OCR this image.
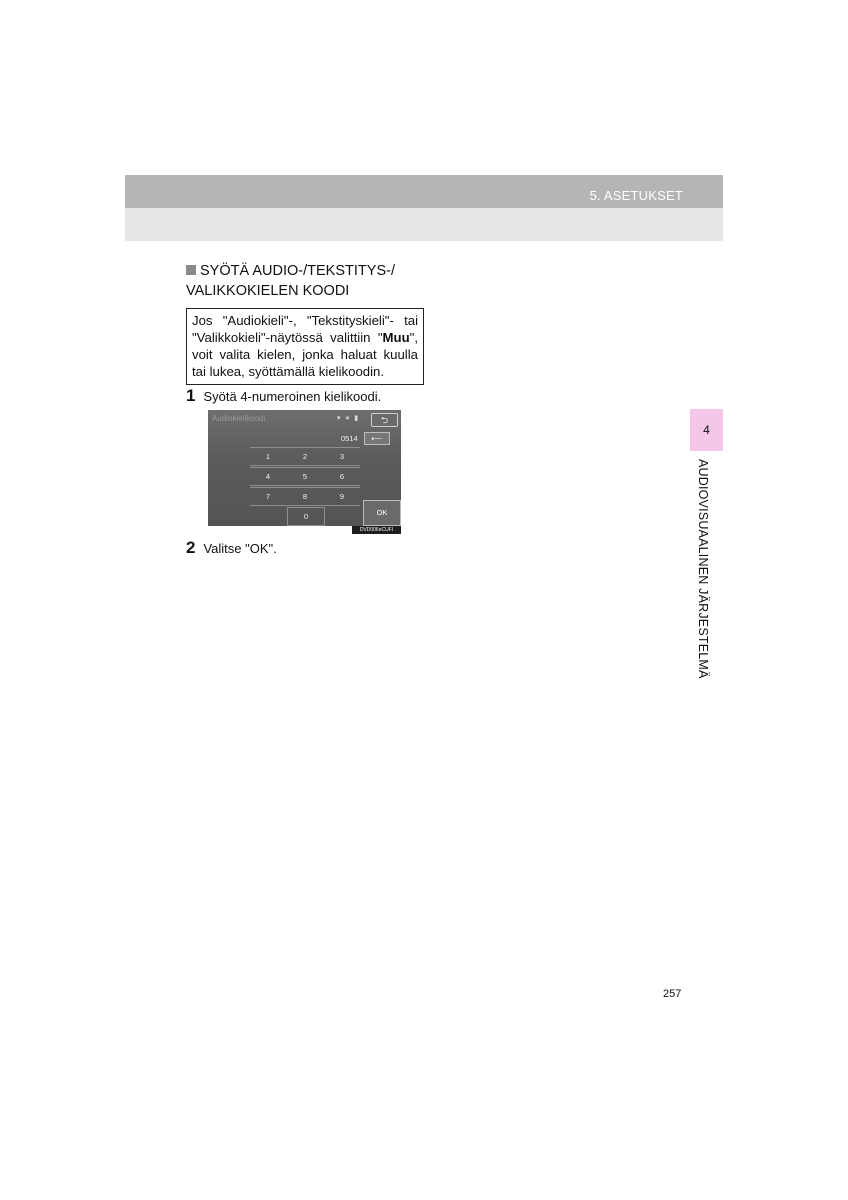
5. ASETUKSET
SYÖTÄ AUDIO-/TEKSTITYS-/ VALIKKOKIELEN KOODI
Jos "Audiokieli"-, "Tekstityskieli"- tai "Valikkokieli"-näytössä valittiin "Muu", voit valita kielen, jonka haluat kuulla tai lukea, syöttämällä kielikoodin.
1 Syötä 4-numeroinen kielikoodi.
Audiokielikoodi	▾ ∗ ▮	⮌
0514	⟵
1	2	3
4	5	6
7	8	9
0	OK
DVD006eCUFI
2 Valitse "OK".
4
AUDIOVISUAALINEN JÄRJESTELMÄ
257
